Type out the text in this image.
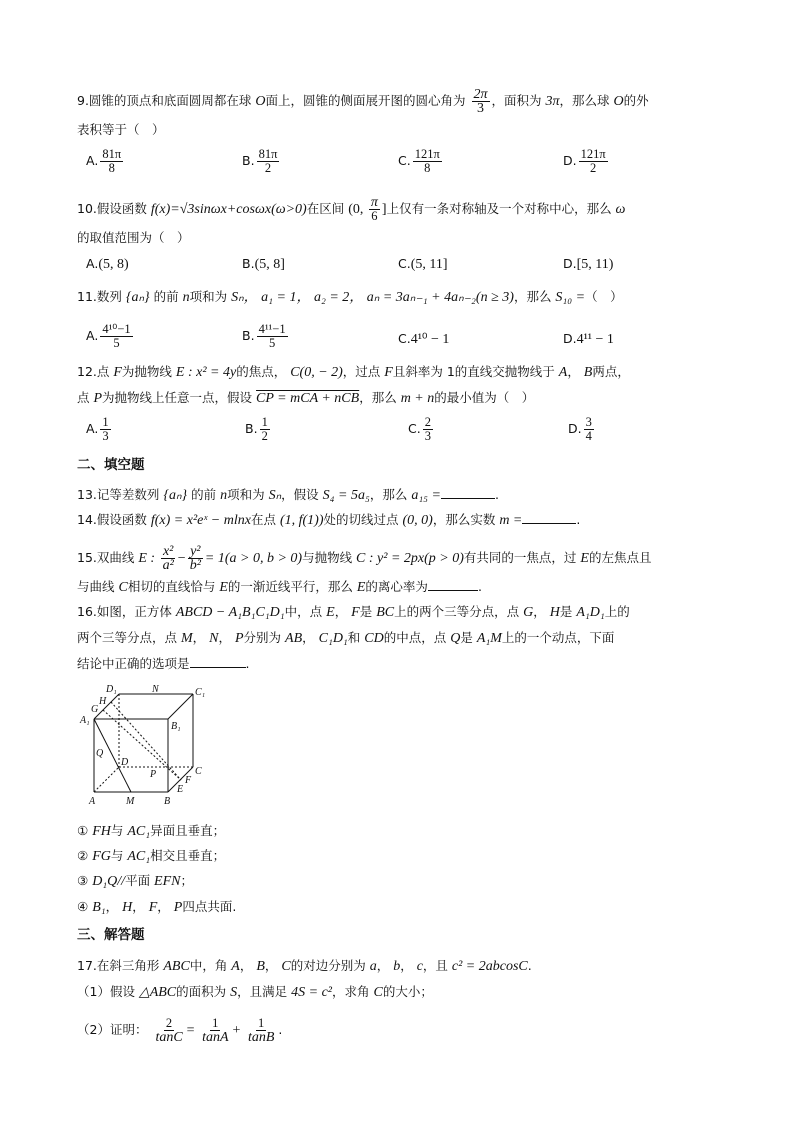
9.圆锥的顶点和底面圆周都在球 O面上，圆锥的侧面展开图的圆心角为 $\frac{2\pi}{3}$ ，面积为 3π，那么球 O的外
表积等于（　）
A. $\frac{81\pi}{8}$	B. $\frac{81\pi}{2}$	C. $\frac{121\pi}{8}$	D. $\frac{121\pi}{2}$
10.假设函数 f(x)=√3sinωx+cosωx(ω>0)在区间 (0, $\frac{\pi}{6}$ ]上仅有一条对称轴及一个对称中心，那么 ω
的取值范围为（　）
A.(5, 8)	B.(5, 8]	C.(5, 11]	D.[5, 11)
11.数列 {aₙ} 的前 n项和为 Sₙ， a₁ = 1， a₂ = 2， aₙ = 3aₙ₋₁ + 4aₙ₋₂(n ≥ 3)，那么 S₁₀ =（　）
A. $\frac{\text{4¹⁰−1}}{5}$	B. $\frac{\text{4¹¹−1}}{5}$	C.4¹⁰ − 1	D.4¹¹ − 1
12.点 F为抛物线 E : x² = 4y的焦点， C(0, − 2)，过点 F且斜率为 1的直线交抛物线于 A， B两点，
点 P为抛物线上任意一点，假设 CP = mCA + nCB，那么 m + n的最小值为（　）
A. $\frac{1}{3}$	B. $\frac{1}{2}$	C. $\frac{2}{3}$	D. $\frac{3}{4}$
二、填空题
13.记等差数列 {aₙ} 的前 n项和为 Sₙ，假设 S₄ = 5a₅，那么 a₁₅ =	.
14.假设函数 f(x) = x²eˣ − mlnx在点 (1, f(1))处的切线过点 (0, 0)，那么实数 m =	.
15.双曲线 E : $\frac{\text{x²}}{\text{a²}} - \frac{\text{y²}}{\text{b²}} = 1(a > 0$, b > 0)与抛物线 C : y² = 2px(p > 0)有共同的一焦点，过 E的左焦点且
与曲线 C相切的直线恰与 E的一渐近线平行，那么 E的离心率为	.
16.如图，正方体 ABCD − A₁B₁C₁D₁中，点 E， F是 BC上的两个三等分点，点 G， H是 A₁D₁上的
两个三等分点，点 M， N， P分别为 AB， C₁D₁和 CD的中点，点 Q是 A₁M上的一个动点，下面
结论中正确的选项是	.
D₁	N	C₁
H
G
A₁
B₁
Q
D
P	C
F
E
A	M	B
① FH与 AC₁异面且垂直；
② FG与 AC₁相交且垂直；
③ D₁Q//平面 EFN；
④ B₁， H， F， P四点共面.
三、解答题
17.在斜三角形 ABC中，角 A， B， C的对边分别为 a， b， c，且 c² = 2abcosC.
（1）假设 △ABC的面积为 S，且满足 4S = c²，求角 C的大小；
（2）证明： $\frac{2}{\tan C} = \frac{1}{\tan A} + \frac{1}{\tan B}$ .
